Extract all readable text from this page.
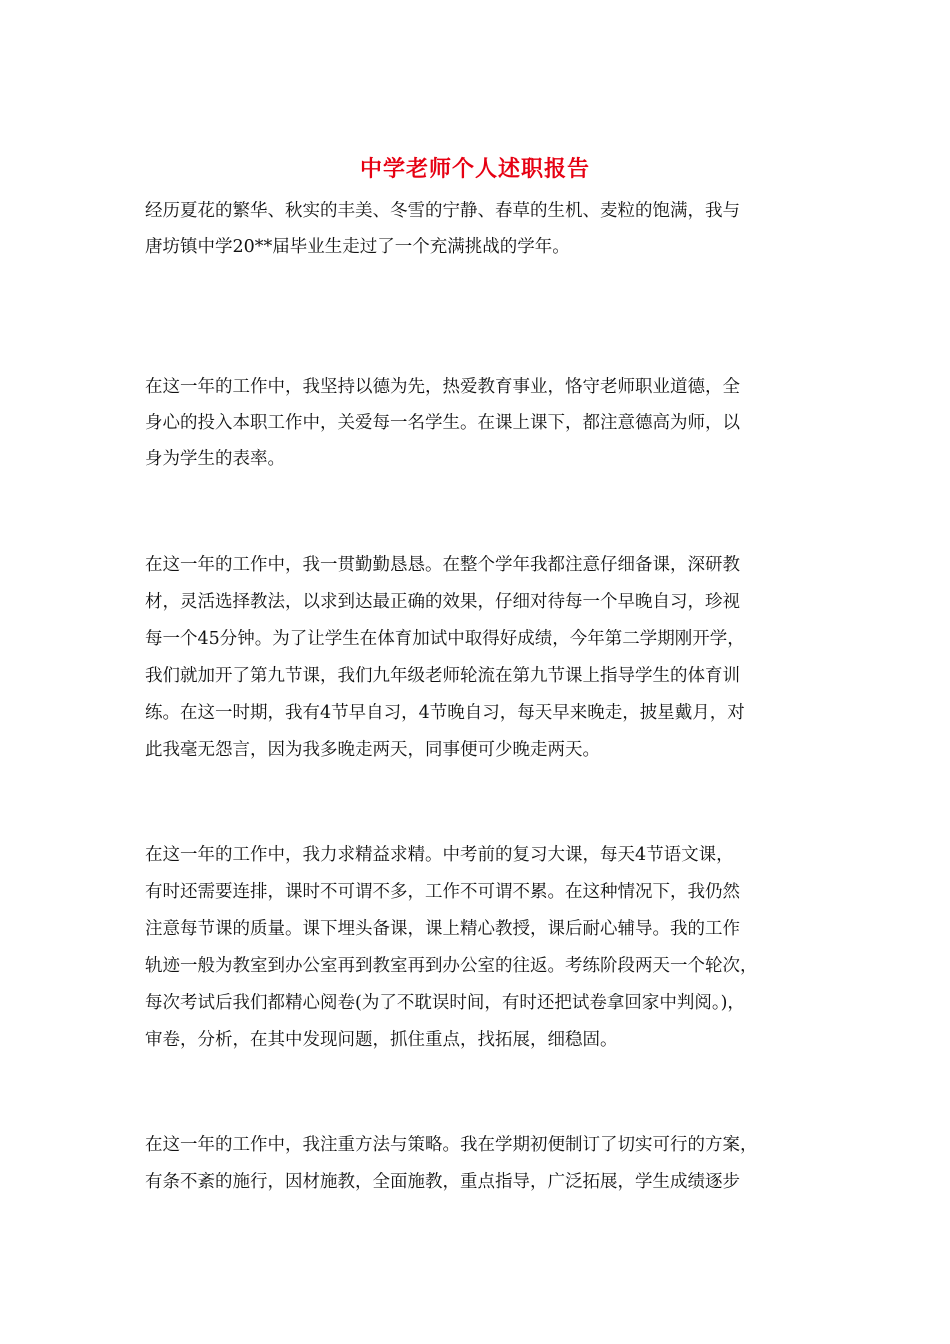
中学老师个人述职报告

经历夏花的繁华、秋实的丰美、冬雪的宁静、春草的生机、麦粒的饱满，我与

唐坊镇中学20**届毕业生走过了一个充满挑战的学年。

在这一年的工作中，我坚持以德为先，热爱教育事业，恪守老师职业道德，全

身心的投入本职工作中，关爱每一名学生。在课上课下，都注意德高为师，以

身为学生的表率。

在这一年的工作中，我一贯勤勤恳恳。在整个学年我都注意仔细备课，深研教

材，灵活选择教法，以求到达最正确的效果，仔细对待每一个早晚自习，珍视

每一个45分钟。为了让学生在体育加试中取得好成绩，今年第二学期刚开学，

我们就加开了第九节课，我们九年级老师轮流在第九节课上指导学生的体育训

练。在这一时期，我有4节早自习，4节晚自习，每天早来晚走，披星戴月，对

此我毫无怨言，因为我多晚走两天，同事便可少晚走两天。

在这一年的工作中，我力求精益求精。中考前的复习大课，每天4节语文课，

有时还需要连排，课时不可谓不多，工作不可谓不累。在这种情况下，我仍然

注意每节课的质量。课下埋头备课，课上精心教授，课后耐心辅导。我的工作

轨迹一般为教室到办公室再到教室再到办公室的往返。考练阶段两天一个轮次，

每次考试后我们都精心阅卷(为了不耽误时间，有时还把试卷拿回家中判阅。)，

审卷，分析，在其中发现问题，抓住重点，找拓展，细稳固。

在这一年的工作中，我注重方法与策略。我在学期初便制订了切实可行的方案，

有条不紊的施行，因材施教，全面施教，重点指导，广泛拓展，学生成绩逐步
